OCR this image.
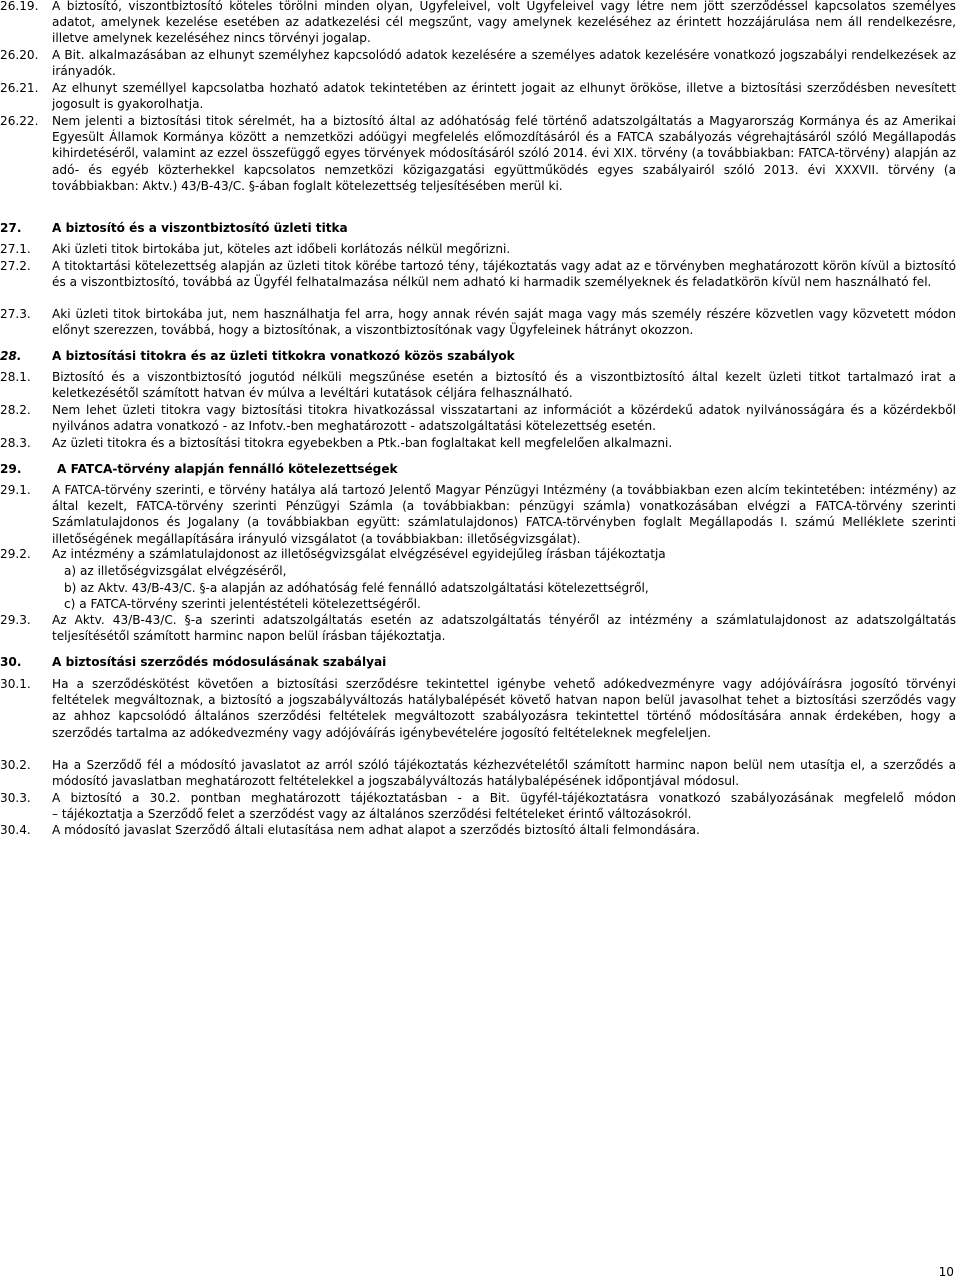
26.19.	A biztosító, viszontbiztosító köteles törölni minden olyan, Ügyfeleivel, volt Ügyfeleivel vagy létre nem jött szerződéssel kapcsolatos személyes adatot, amelynek kezelése esetében az adatkezelési cél megszűnt, vagy amelynek kezeléséhez az érintett hozzájárulása nem áll rendelkezésre, illetve amelynek kezeléséhez nincs törvényi jogalap.
26.20.	A Bit. alkalmazásában az elhunyt személyhez kapcsolódó adatok kezelésére a személyes adatok kezelésére vonatkozó jogszabályi rendelkezések az irányadók.
26.21.	Az elhunyt személlyel kapcsolatba hozható adatok tekintetében az érintett jogait az elhunyt örököse, illetve a biztosítási szerződésben nevesített jogosult is gyakorolhatja.
26.22.	Nem jelenti a biztosítási titok sérelmét, ha a biztosító által az adóhatóság felé történő adatszolgáltatás a Magyarország Kormánya és az Amerikai Egyesült Államok Kormánya között a nemzetközi adóügyi megfelelés előmozdításáról és a FATCA szabályozás végrehajtásáról szóló Megállapodás kihirdetéséről, valamint az ezzel összefüggő egyes törvények módosításáról szóló 2014. évi XIX. törvény (a továbbiakban: FATCA-törvény) alapján az adó- és egyéb közterhekkel kapcsolatos nemzetközi közigazgatási együttműködés egyes szabályairól szóló 2013. évi XXXVII. törvény (a továbbiakban: Aktv.) 43/B-43/C. §-ában foglalt kötelezettség teljesítésében merül ki.
27.	A biztosító és a viszontbiztosító üzleti titka
27.1.	Aki üzleti titok birtokába jut, köteles azt időbeli korlátozás nélkül megőrizni.
27.2.	A titoktartási kötelezettség alapján az üzleti titok körébe tartozó tény, tájékoztatás vagy adat az e törvényben meghatározott körön kívül a biztosító és a viszontbiztosító, továbbá az Ügyfél felhatalmazása nélkül nem adható ki harmadik személyeknek és feladatkörön kívül nem használható fel.
27.3.	Aki üzleti titok birtokába jut, nem használhatja fel arra, hogy annak révén saját maga vagy más személy részére közvetlen vagy közvetett módon előnyt szerezzen, továbbá, hogy a biztosítónak, a viszontbiztosítónak vagy Ügyfeleinek hátrányt okozzon.
28.	A biztosítási titokra és az üzleti titkokra vonatkozó közös szabályok
28.1.	Biztosító és a viszontbiztosító jogutód nélküli megszűnése esetén a biztosító és a viszontbiztosító által kezelt üzleti titkot tartalmazó irat a keletkezésétől számított hatvan év múlva a levéltári kutatások céljára felhasználható.
28.2.	Nem lehet üzleti titokra vagy biztosítási titokra hivatkozással visszatartani az információt a közérdekű adatok nyilvánosságára és a közérdekből nyilvános adatra vonatkozó - az Infotv.-ben meghatározott - adatszolgáltatási kötelezettség esetén.
28.3.	Az üzleti titokra és a biztosítási titokra egyebekben a Ptk.-ban foglaltakat kell megfelelően alkalmazni.
29.	A FATCA-törvény alapján fennálló kötelezettségek
29.1.	A FATCA-törvény szerinti, e törvény hatálya alá tartozó Jelentő Magyar Pénzügyi Intézmény (a továbbiakban ezen alcím tekintetében: intézmény) az által kezelt, FATCA-törvény szerinti Pénzügyi Számla (a továbbiakban: pénzügyi számla) vonatkozásában elvégzi a FATCA-törvény szerinti Számlatulajdonos és Jogalany (a továbbiakban együtt: számlatulajdonos) FATCA-törvényben foglalt Megállapodás I. számú Melléklete szerinti illetőségének megállapítására irányuló vizsgálatot (a továbbiakban: illetőségvizsgálat).
29.2.	Az intézmény a számlatulajdonost az illetőségvizsgálat elvégzésével egyidejűleg írásban tájékoztatja
a) az illetőségvizsgálat elvégzéséről,
b) az Aktv. 43/B-43/C. §-a alapján az adóhatóság felé fennálló adatszolgáltatási kötelezettségről,
c) a FATCA-törvény szerinti jelentéstételi kötelezettségéről.
29.3.	Az Aktv. 43/B-43/C. §-a szerinti adatszolgáltatás esetén az adatszolgáltatás tényéről az intézmény a számlatulajdonost az adatszolgáltatás teljesítésétől számított harminc napon belül írásban tájékoztatja.
30.	A biztosítási szerződés módosulásának szabályai
30.1.	Ha a szerződéskötést követően a biztosítási szerződésre tekintettel igénybe vehető adókedvezményre vagy adójóváírásra jogosító törvényi feltételek megváltoznak, a biztosító a jogszabályváltozás hatálybalépését követő hatvan napon belül javasolhat tehet a biztosítási szerződés vagy az ahhoz kapcsolódó általános szerződési feltételek megváltozott szabályozásra tekintettel történő módosítására annak érdekében, hogy a szerződés tartalma az adókedvezmény vagy adójóváírás igénybevételére jogosító feltételeknek megfeleljen.
30.2.	Ha a Szerződő fél a módosító javaslatot az arról szóló tájékoztatás kézhezvételétől számított harminc napon belül nem utasítja el, a szerződés a módosító javaslatban meghatározott feltételekkel a jogszabályváltozás hatálybalépésének időpontjával módosul.
30.3.	A biztosító a 30.2. pontban meghatározott tájékoztatásban - a Bit. ügyfél-tájékoztatásra vonatkozó szabályozásának megfelelő módon
– tájékoztatja a Szerződő felet a szerződést vagy az általános szerződési feltételeket érintő változásokról.
30.4.	A módosító javaslat Szerződő általi elutasítása nem adhat alapot a szerződés biztosító általi felmondására.
10
